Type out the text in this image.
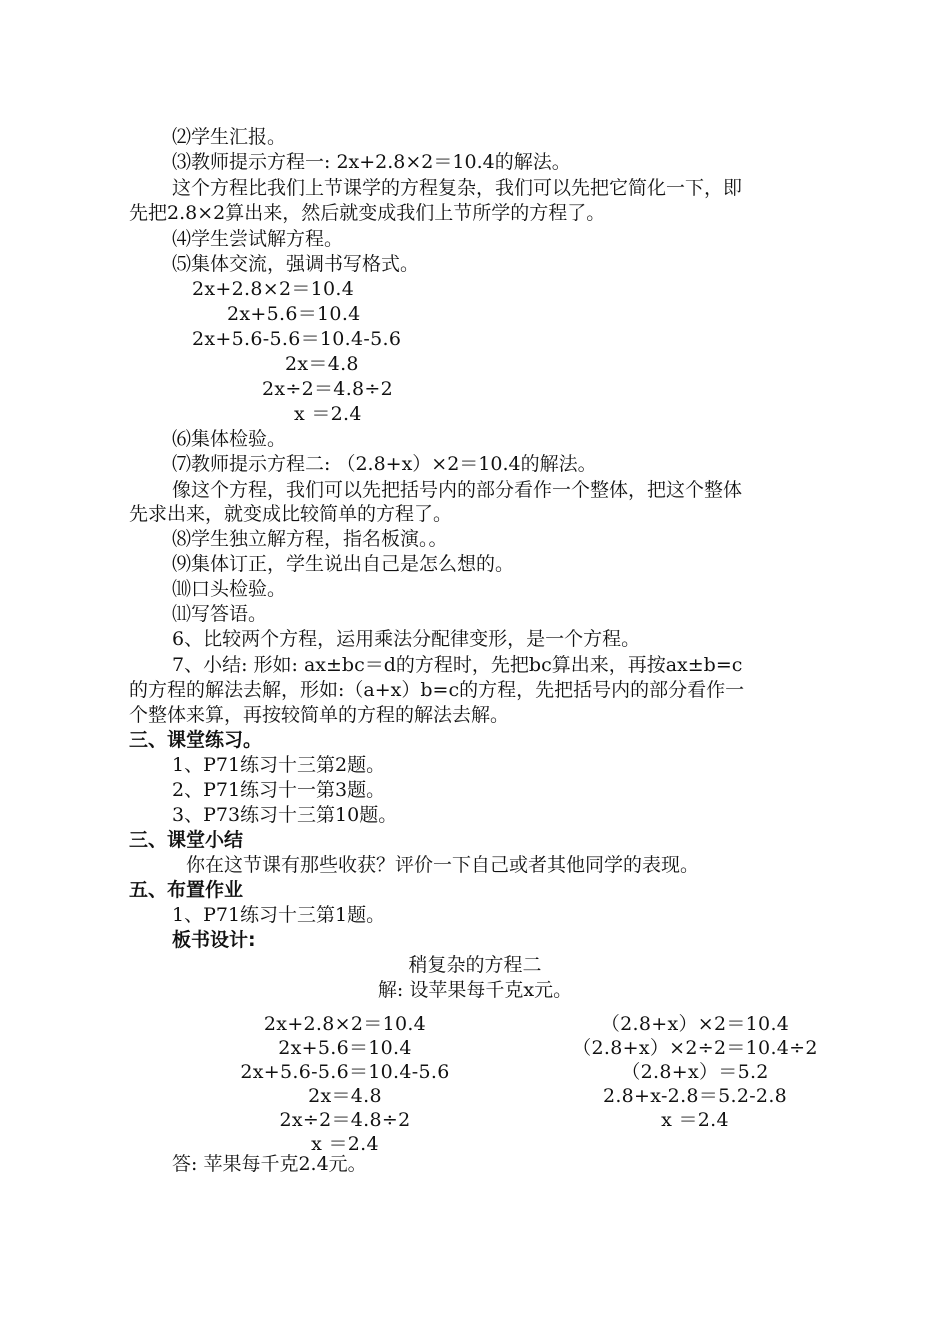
⑵学生汇报。
⑶教师提示方程一: 2x+2.8×2＝10.4的解法。
这个方程比我们上节课学的方程复杂，我们可以先把它简化一下，即
先把2.8×2算出来，然后就变成我们上节所学的方程了。
⑷学生尝试解方程。
⑸集体交流，强调书写格式。
2x+2.8×2＝10.4
2x+5.6＝10.4
2x+5.6-5.6＝10.4-5.6
2x＝4.8
2x÷2＝4.8÷2
x ＝2.4
⑹集体检验。
⑺教师提示方程二: （2.8+x）×2＝10.4的解法。
像这个方程，我们可以先把括号内的部分看作一个整体，把这个整体
先求出来，就变成比较简单的方程了。
⑻学生独立解方程，指名板演。。
⑼集体订正，学生说出自己是怎么想的。
⑽口头检验。
⑾写答语。
6、比较两个方程，运用乘法分配律变形，是一个方程。
7、小结: 形如: ax±bc＝d的方程时，先把bc算出来，再按ax±b=c
的方程的解法去解，形如:（a+x）b=c的方程，先把括号内的部分看作一
个整体来算，再按较简单的方程的解法去解。
三、课堂练习。
1、P71练习十三第2题。
2、P71练习十一第3题。
3、P73练习十三第10题。
三、课堂小结
你在这节课有那些收获？评价一下自己或者其他同学的表现。
五、布置作业
1、P71练习十三第1题。
板书设计:
稍复杂的方程二
解: 设苹果每千克x元。
2x+2.8×2＝10.4
2x+5.6＝10.4
2x+5.6-5.6＝10.4-5.6
2x＝4.8
2x÷2＝4.8÷2
x ＝2.4
（2.8+x）×2＝10.4
（2.8+x）×2÷2＝10.4÷2
（2.8+x）＝5.2
2.8+x-2.8＝5.2-2.8
x ＝2.4
答: 苹果每千克2.4元。
